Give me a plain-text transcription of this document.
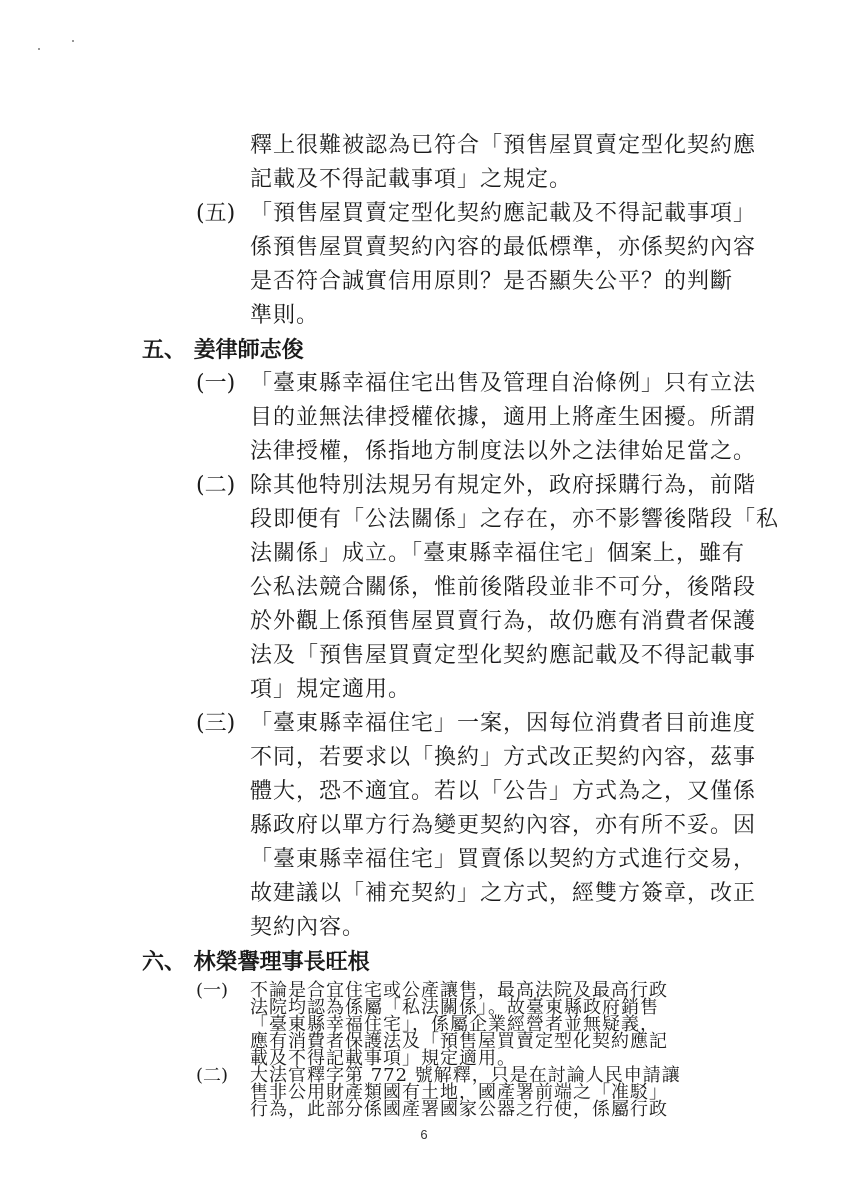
釋上很難被認為已符合「預售屋買賣定型化契約應
記載及不得記載事項」之規定。
(五) 「預售屋買賣定型化契約應記載及不得記載事項」
係預售屋買賣契約內容的最低標準，亦係契約內容
是否符合誠實信用原則？是否顯失公平？的判斷
準則。
五、 姜律師志俊
(一) 「臺東縣幸福住宅出售及管理自治條例」只有立法
目的並無法律授權依據，適用上將產生困擾。所謂
法律授權，係指地方制度法以外之法律始足當之。
(二) 除其他特別法規另有規定外，政府採購行為，前階
段即便有「公法關係」之存在，亦不影響後階段「私
法關係」成立。「臺東縣幸福住宅」個案上，雖有
公私法競合關係，惟前後階段並非不可分，後階段
於外觀上係預售屋買賣行為，故仍應有消費者保護
法及「預售屋買賣定型化契約應記載及不得記載事
項」規定適用。
(三) 「臺東縣幸福住宅」一案，因每位消費者目前進度
不同，若要求以「換約」方式改正契約內容，茲事
體大，恐不適宜。若以「公告」方式為之，又僅係
縣政府以單方行為變更契約內容，亦有所不妥。因
「臺東縣幸福住宅」買賣係以契約方式進行交易，
故建議以「補充契約」之方式，經雙方簽章，改正
契約內容。
六、 林榮譽理事長旺根
6
(一) 不論是合宜住宅或公產讓售，最高法院及最高行政
法院均認為係屬「私法關係」。故臺東縣政府銷售
「臺東縣幸福住宅」，係屬企業經營者並無疑義，
應有消費者保護法及「預售屋買賣定型化契約應記
載及不得記載事項」規定適用。
(二) 大法官釋字第 772 號解釋，只是在討論人民申請讓
售非公用財產類國有土地，國產署前端之「准駁」
行為，此部分係國產署國家公器之行使，係屬行政
